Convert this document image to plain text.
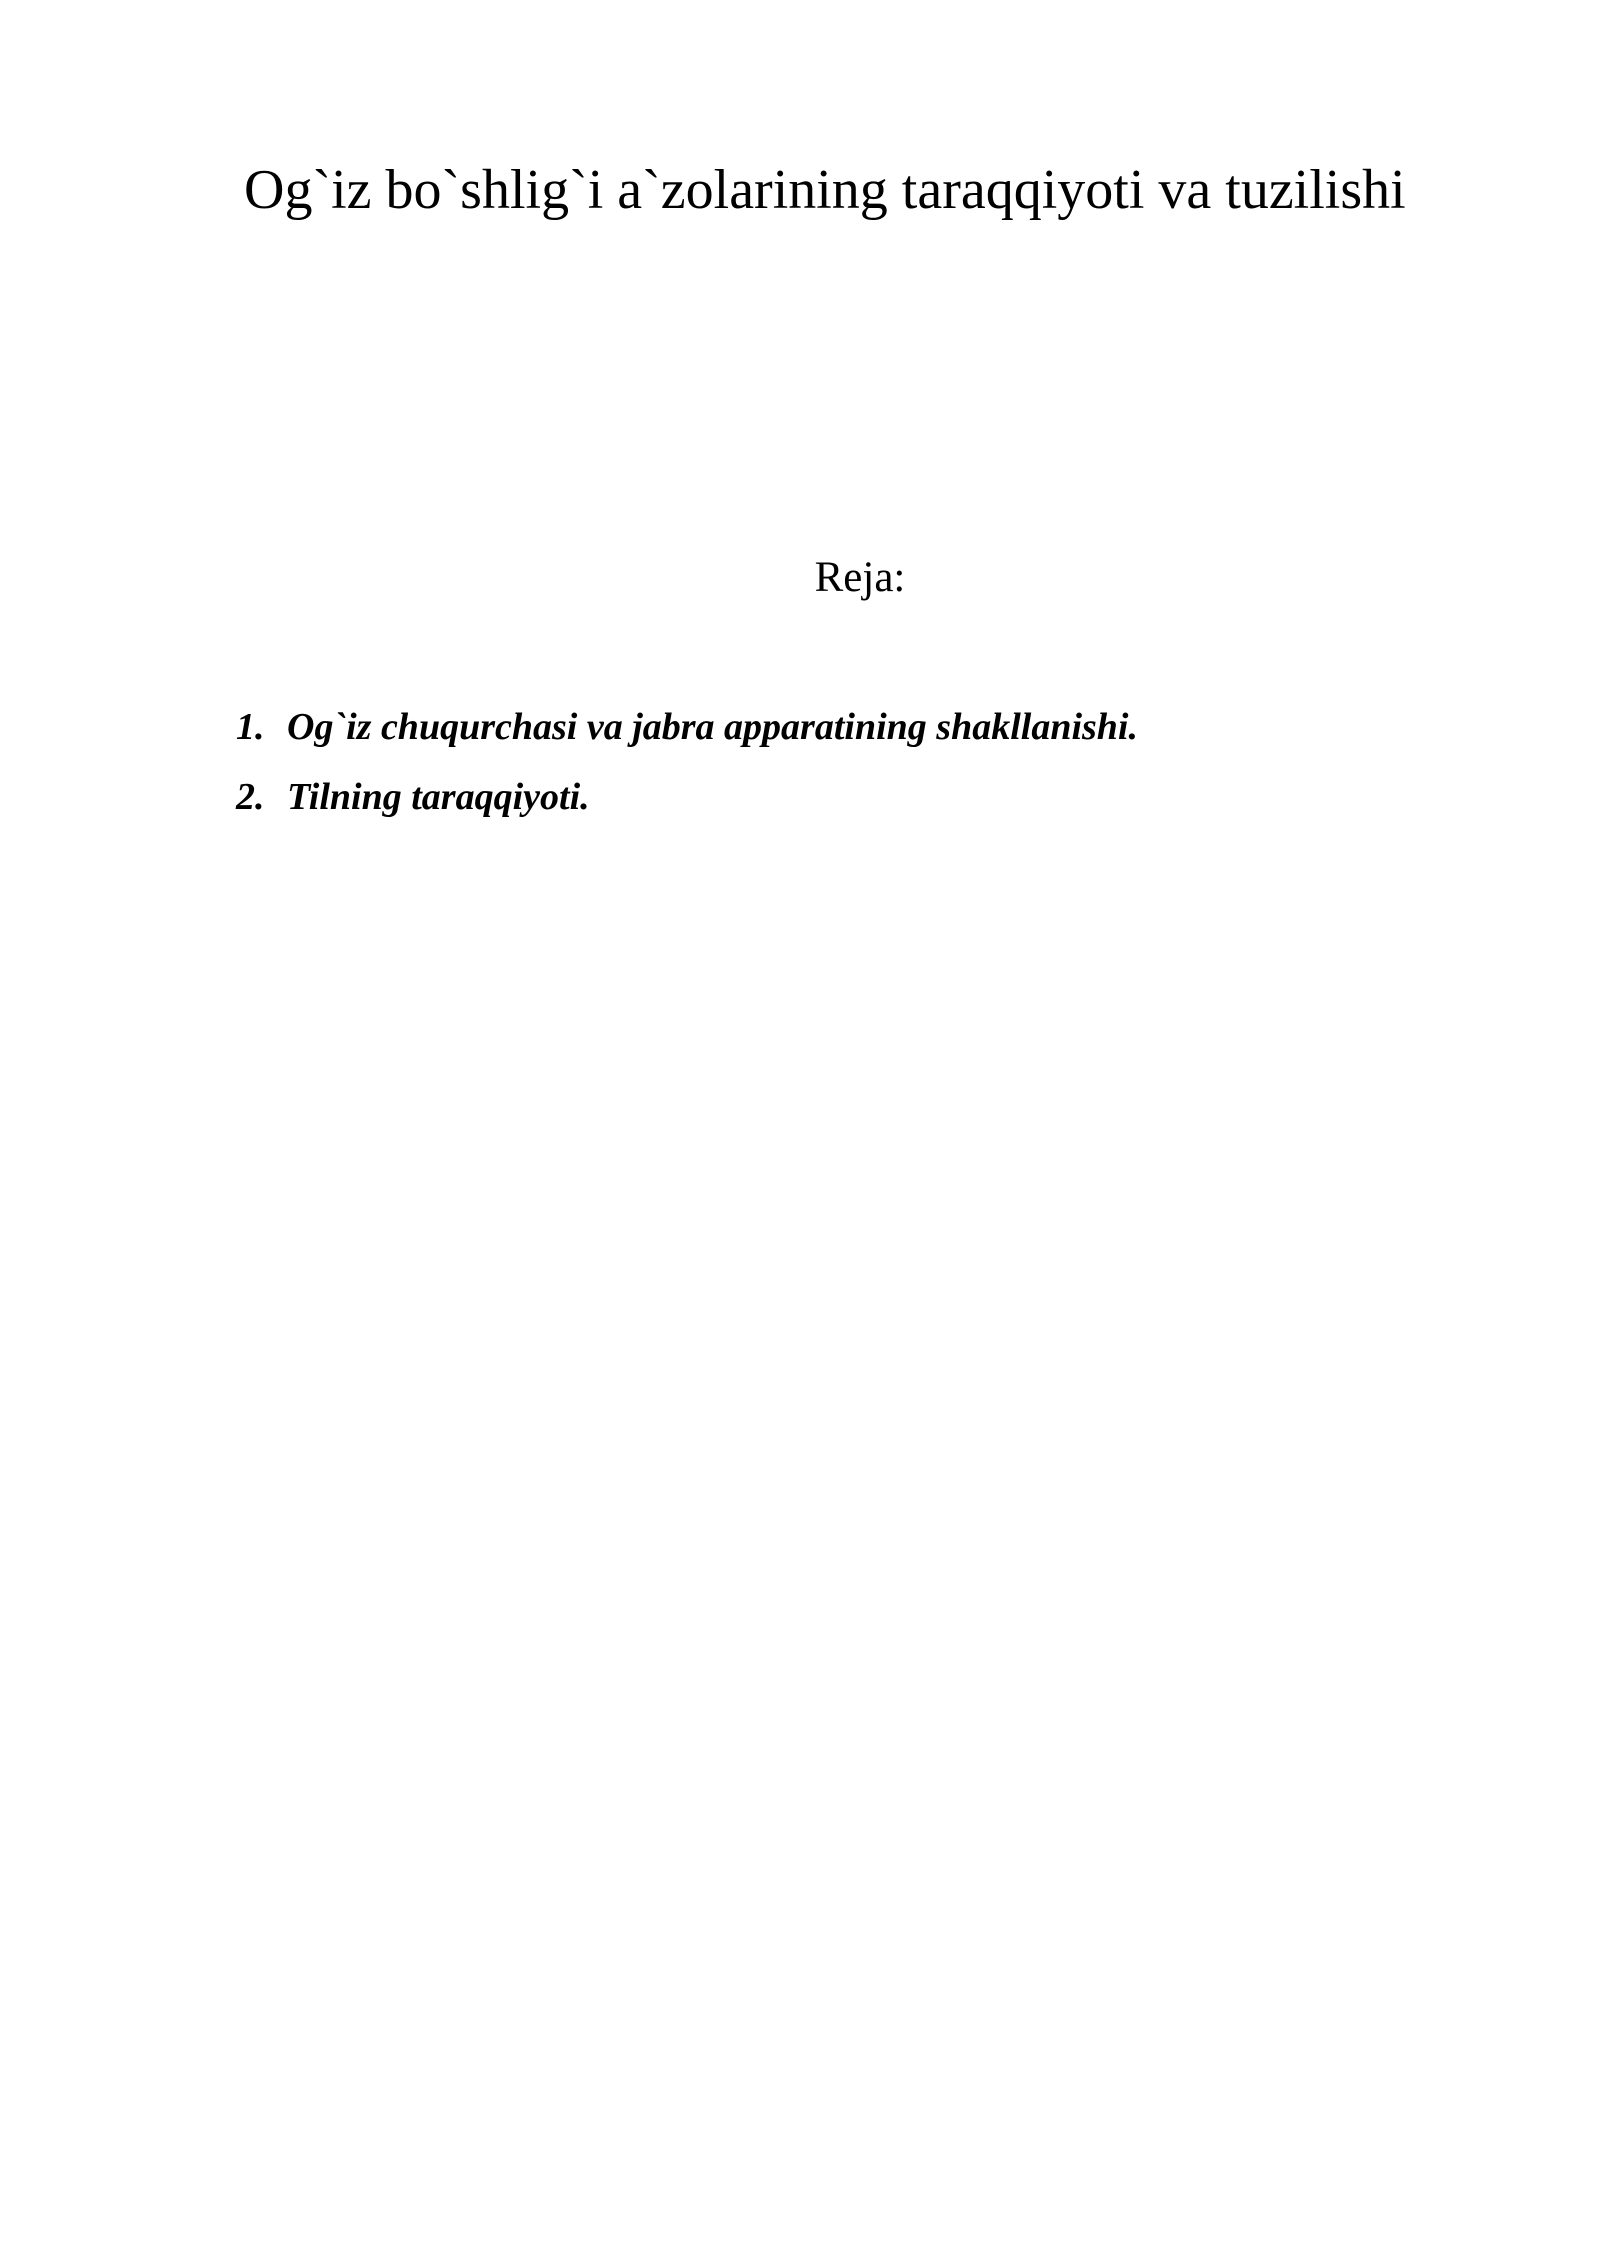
Og`iz bo`shlig`i a`zolarining taraqqiyoti va tuzilishi
Reja:
1. Og`iz chuqurchasi va jabra apparatining shakllanishi.
2. Tilning taraqqiyoti.
